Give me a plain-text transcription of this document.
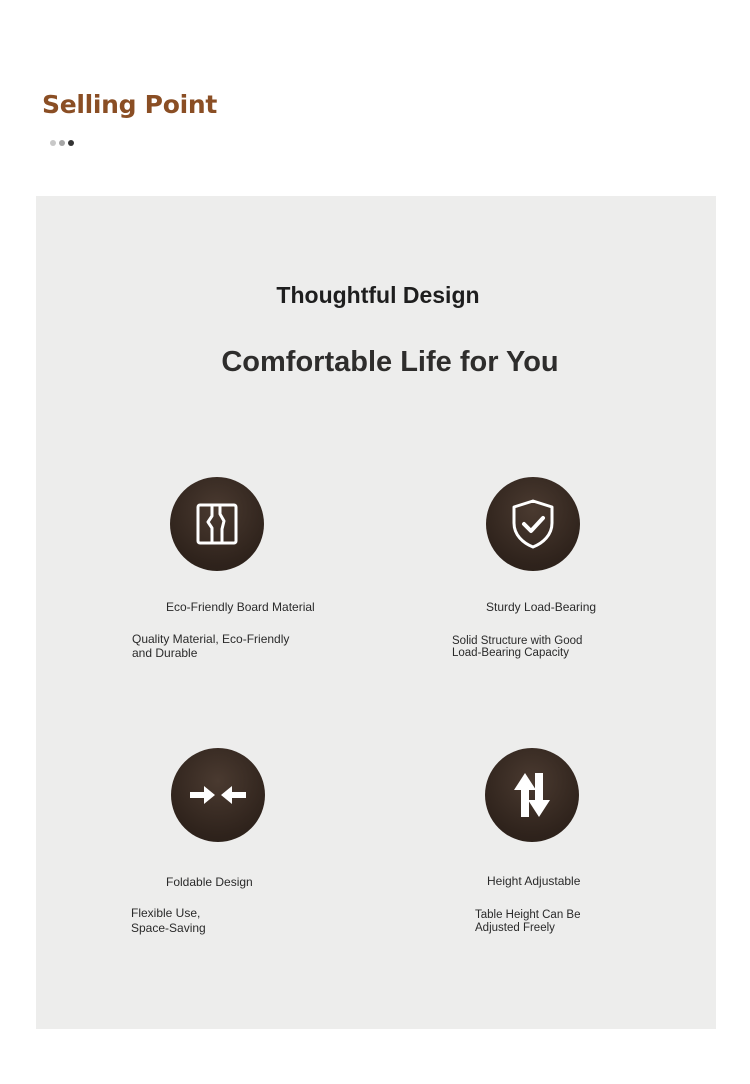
Selling Point
Thoughtful Design
Comfortable Life for You

Eco-Friendly Board Material

Quality Material, Eco-Friendly
and Durable

Sturdy Load-Bearing

Solid Structure with Good
Load-Bearing Capacity

Foldable Design

Flexible Use,
Space-Saving

Height Adjustable

Table Height Can Be
Adjusted Freely
